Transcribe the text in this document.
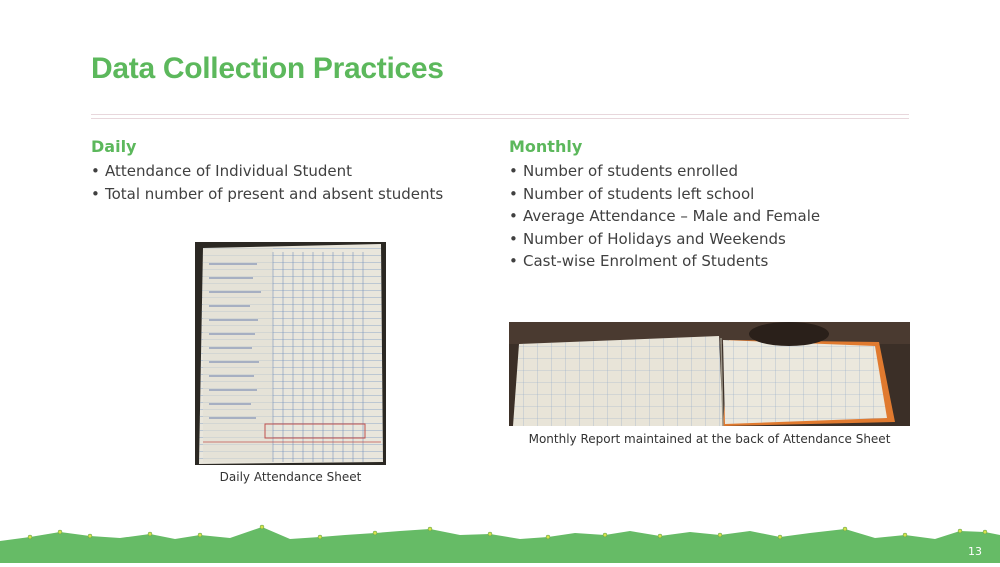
Data Collection Practices
Daily
• Attendance of Individual Student
• Total number of present and absent students
Monthly
• Number of students enrolled
• Number of students left school
• Average Attendance – Male and Female
• Number of Holidays and Weekends
• Cast-wise Enrolment of Students
Daily Attendance Sheet
Monthly Report maintained at the back of Attendance Sheet
13
